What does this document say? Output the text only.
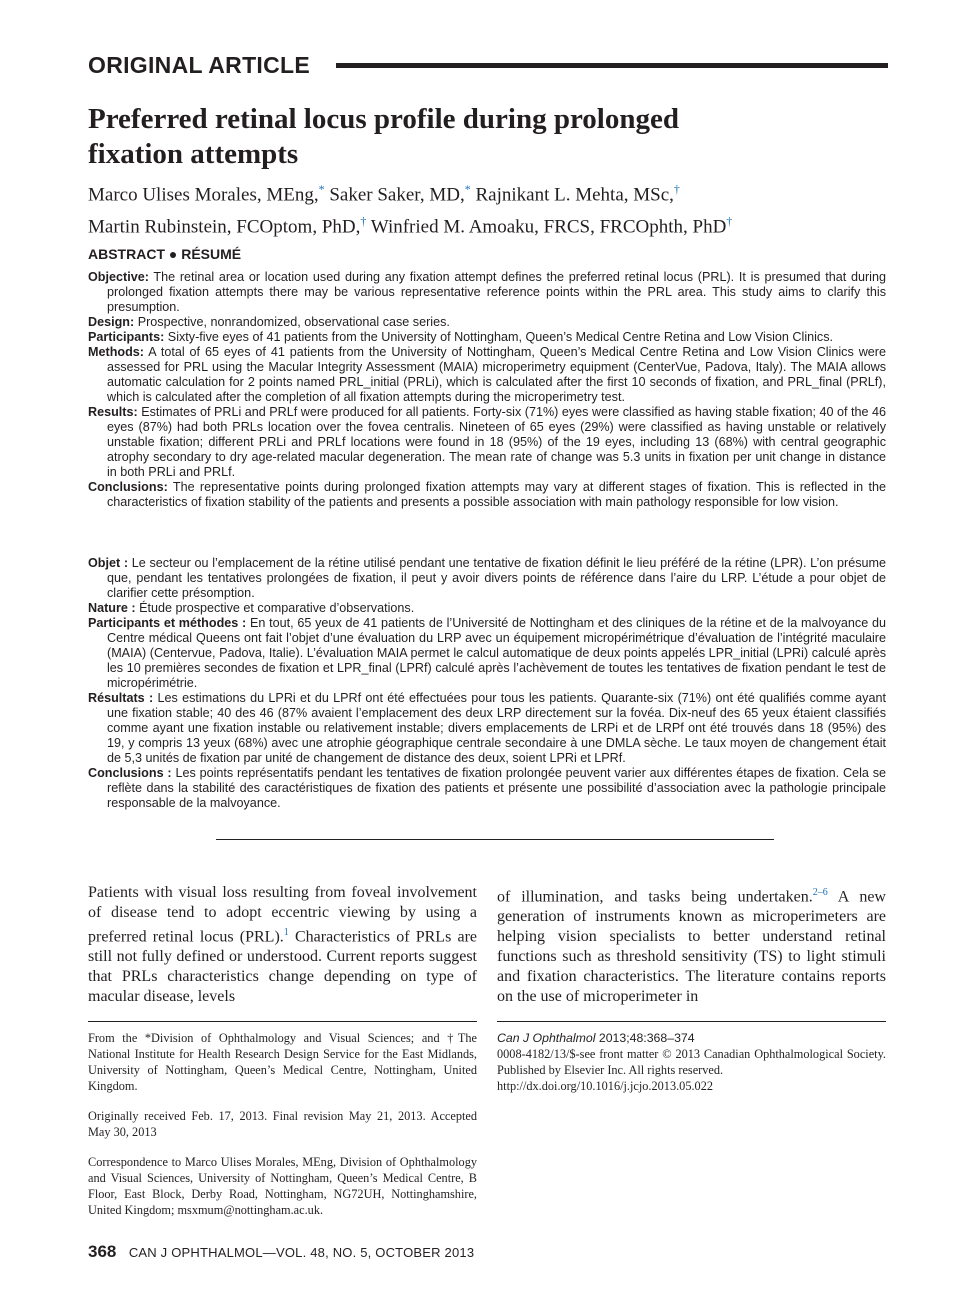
ORIGINAL ARTICLE
Preferred retinal locus profile during prolonged
fixation attempts
Marco Ulises Morales, MEng,* Saker Saker, MD,* Rajnikant L. Mehta, MSc,†
Martin Rubinstein, FCOptom, PhD,† Winfried M. Amoaku, FRCS, FRCOphth, PhD†
ABSTRACT ● RÉSUMÉ

Objective: The retinal area or location used during any fixation attempt defines the preferred retinal locus (PRL). It is presumed that during prolonged fixation attempts there may be various representative reference points within the PRL area. This study aims to clarify this presumption.

Design: Prospective, nonrandomized, observational case series.

Participants: Sixty-five eyes of 41 patients from the University of Nottingham, Queen’s Medical Centre Retina and Low Vision Clinics.

Methods: A total of 65 eyes of 41 patients from the University of Nottingham, Queen’s Medical Centre Retina and Low Vision Clinics were assessed for PRL using the Macular Integrity Assessment (MAIA) microperimetry equipment (CenterVue, Padova, Italy). The MAIA allows automatic calculation for 2 points named PRL_initial (PRLi), which is calculated after the first 10 seconds of fixation, and PRL_final (PRLf), which is calculated after the completion of all fixation attempts during the microperimetry test.

Results: Estimates of PRLi and PRLf were produced for all patients. Forty-six (71%) eyes were classified as having stable fixation; 40 of the 46 eyes (87%) had both PRLs location over the fovea centralis. Nineteen of 65 eyes (29%) were classified as having unstable or relatively unstable fixation; different PRLi and PRLf locations were found in 18 (95%) of the 19 eyes, including 13 (68%) with central geographic atrophy secondary to dry age-related macular degeneration. The mean rate of change was 5.3 units in fixation per unit change in distance in both PRLi and PRLf.

Conclusions: The representative points during prolonged fixation attempts may vary at different stages of fixation. This is reflected in the characteristics of fixation stability of the patients and presents a possible association with main pathology responsible for low vision.

Objet : Le secteur ou l’emplacement de la rétine utilisé pendant une tentative de fixation définit le lieu préféré de la rétine (LPR). L’on présume que, pendant les tentatives prolongées de fixation, il peut y avoir divers points de référence dans l’aire du LRP. L’étude a pour objet de clarifier cette présomption.

Nature : Étude prospective et comparative d’observations.

Participants et méthodes : En tout, 65 yeux de 41 patients de l’Université de Nottingham et des cliniques de la rétine et de la malvoyance du Centre médical Queens ont fait l’objet d’une évaluation du LRP avec un équipement micropérimétrique d’évaluation de l’intégrité maculaire (MAIA) (Centervue, Padova, Italie). L’évaluation MAIA permet le calcul automatique de deux points appelés LPR_initial (LPRi) calculé après les 10 premières secondes de fixation et LPR_final (LPRf) calculé après l’achèvement de toutes les tentatives de fixation pendant le test de micropérimétrie.

Résultats : Les estimations du LPRi et du LPRf ont été effectuées pour tous les patients. Quarante-six (71%) ont été qualifiés comme ayant une fixation stable; 40 des 46 (87% avaient l’emplacement des deux LRP directement sur la fovéa. Dix-neuf des 65 yeux étaient classifiés comme ayant une fixation instable ou relativement instable; divers emplacements de LRPi et de LRPf ont été trouvés dans 18 (95%) des 19, y compris 13 yeux (68%) avec une atrophie géographique centrale secondaire à une DMLA sèche. Le taux moyen de changement était de 5,3 unités de fixation par unité de changement de distance des deux, soient LPRi et LPRf.

Conclusions : Les points représentatifs pendant les tentatives de fixation prolongée peuvent varier aux différentes étapes de fixation. Cela se reflète dans la stabilité des caractéristiques de fixation des patients et présente une possibilité d’association avec la pathologie principale responsable de la malvoyance.

Patients with visual loss resulting from foveal involvement of disease tend to adopt eccentric viewing by using a preferred retinal locus (PRL).$^1$ Characteristics of PRLs are still not fully defined or understood. Current reports suggest that PRLs characteristics change depending on type of macular disease, levels
of illumination, and tasks being undertaken.$^{2-6}$ A new generation of instruments known as microperimeters are helping vision specialists to better understand retinal functions such as threshold sensitivity (TS) to light stimuli and fixation characteristics. The literature contains reports on the use of microperimeter in

From the *Division of Ophthalmology and Visual Sciences; and †The National Institute for Health Research Design Service for the East Midlands, University of Nottingham, Queen’s Medical Centre, Nottingham, United Kingdom.

Originally received Feb. 17, 2013. Final revision May 21, 2013. Accepted May 30, 2013

Correspondence to Marco Ulises Morales, MEng, Division of Ophthalmology and Visual Sciences, University of Nottingham, Queen’s Medical Centre, B Floor, East Block, Derby Road, Nottingham, NG72UH, Nottinghamshire, United Kingdom; msxmum@nottingham.ac.uk.

Can J Ophthalmol 2013;48:368–374
0008-4182/13/$-see front matter © 2013 Canadian Ophthalmological Society. Published by Elsevier Inc. All rights reserved.
http://dx.doi.org/10.1016/j.jcjo.2013.05.022
368 CAN J OPHTHALMOL—VOL. 48, NO. 5, OCTOBER 2013
